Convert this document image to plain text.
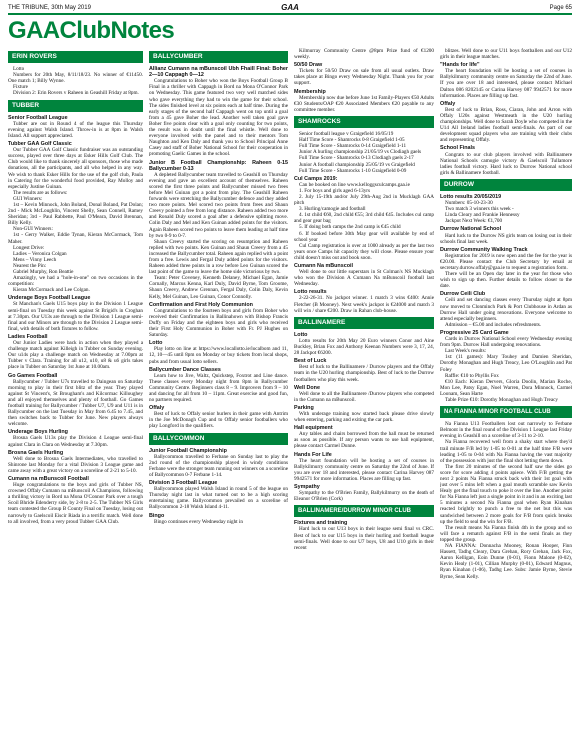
THE TRIBUNE, 30th May 2019	GAA	Page 65
GAAClubNotes
ERIN ROVERS

Lotto

Numbers for 20th May, 8/11/18/23. No winner of €11450. One match 1; Billy Wynne.

Fixture

Division 2: Erin Rovers v Raheen in Geashill Friday at 8pm.

TUBBER
Senior Football League

Tubber are out in Round 4 of the league this Thursday evening against Walsh Island. Throw-in is at 8pm in Walsh Island. All support appreciated.

Tubber GAA Golf Classic

Our Tubber GAA Golf Classic fundraiser was an outstanding success, played over three days at Esker Hills Golf Club. The Club would like to thank sincerely all sponsors, those who made donations, all the participants, and all who helped in any way. We wish to thank Esker Hills for the use of the golf club, Paula in Catering for the wonderful food provided, Ray Molloy and especially Justine Guinan.

The results are as follows:

GUI Winners:

1st – Kevin Minnock, John Boland, Donal Boland, Pat Dolan; 2nd - Mick McLoughlin, Vincent Shelly, Sean Connell, Ramey Sheridan; 3rd - Paul Rabbette, Paul O'Meara, David Brennan, Billy Kelly.

Non-GUI Winners:

1st - Gerry Walker, Eddie Tynan, Kieran McCormack, Tom Maher.

Longest Drive:

Ladies – Veronica Colgan

Mens – Vinny Leech

Nearest the Pin:

Gabriel Murphy, Ron Beattie

Amazingly, we had a "hole-in-one" on two occasions in the competition:

Kieran McCormack and Lee Colgan.

Underage Boys Football League

St Manchan's Gaels U15 boys play in the Division 1 League semi-final on Tuesday this week against St Brigid's in Croghan at 7.30pm. Our U13s are through to the Division 1 League semi-final and our Minors are through to the Division 2 League semi-final, with details of both fixtures to follow.

Ladies Football

Our Junior Ladies were back in action when they played a challenge match against Killeigh in Tubber on Sunday evening. Our u14s play a challenge match on Wednesday at 7.00pm at Tubber v Clara. Training for all u12, u10, u8 & u6 girls takes place in Tubber on Saturday 1st June at 10.00am.

Go Games Football

Ballycumber / Tubber U7s travelled to Daingean on Saturday morning to play in their first blitz of the year. They played against St Vincent's, St Brougham's and Kilcormac Killoughey and all enjoyed themselves and plenty of football. Go Games football training for Ballycumber / Tubber U7, U9 and U11 is in Ballycumber on the last Tuesday in May from 6.45 to 7.45, and then switches back to Tubber for June. New players always welcome.

Underage Boys Hurling

Brosna Gaels U13s play the Division 4 League semi-final against Clara in Clara on Wednesday at 7.30pm.

Brosna Gaels Hurling

Well done to Brosna Gaels Intermediates, who travelled to Shinrone last Monday for a vital Division 3 League game and came away with a great victory on a scoreline of 2-21 to 5-10.

Cumann na mBunscoil Football

Huge congratulations to the boys and girls of Tubber NS, crowned Offaly Cumann na mBunscoil A Champions, following a thrilling victory in Bord na Mona O'Connor Park over a tough Scoil Bhride Edenderry side, by 2-8 to 2-5. The Tubber NS Girls team contested the Group B County Final on Tuesday, losing out narrowly to Gaelscoil Eiscir Riada in a terrific match. Well done to all involved, from a very proud Tubber GAA Club.

BALLYCUMBER
Allianz Cumann na mBunscoil Ubh Fhaill Final: Boher 2—10 Cappagh 0—12

Congratulations to Boher who won the Boys Football Group B Final in a thriller with Cappagh in Bord na Mona O'Connor Park on Wednesday. This game featured two very well matched sides who gave everything they had to win the game for their school. The sides finished level at six points each at half time. During the early stages of the second half Cappagh went on top until a goal from a 45 gave Boher the lead. Another well taken goal gave Boher five points clear with a goal only counting for two points, the result was in doubt until the final whistle. Well done to everyone involved with the panel and to their mentors Tom Naughton and Ken Daly and thank you to School Principal Anne Casey and staff of Boher National School for their cooperation in promoting Gaelic Games in the school.

Junior B Football Championship: Raheen 0-15 Ballycumber 0-13

A depleted Ballycumber team travelled to Geashill on Thursday evening and gave an excellent account of themselves. Raheen scored the first three points and Ballycumber missed two frees before Mel Guinan got a point from play. The Geashill Raheen forwards were stretching the Ballycumber defence and they added two more points. Mel scored two points from frees and Shaun Creevy pointed a free from long distance. Raheen added two more and Ronald Duly scored a goal after a defensive splitting move. Colin Daly and Mel and Ken Guinan added points for the visitors. Again Raheen scored two points to leave them leading at half time by two 0-9 to 0-7.

Shaun Creevy started the scoring on resumption and Raheen replied with two points. Ken Guinan and Shaun Creevy from a 45 increased the Ballycumber total. Raheen again replied with a point from a free. Lewis and Fergal Duly added points for the visitors. Raheen added three points in a row before Leo Guinan scored the last point of the game to leave the home side victorious by two.

Team: Peter Coveney, Kenneth Delaney, Michael Egan, Jamie Cornally, Marcus Kenna, Karl Duly, David Byrne, Tom Groome, Shaun Creevy, Andrew Grennan, Fergal Daly, Colin Daly, Kevin Kelly, Mel Guinan, Leo Guinan, Conor Connolly.

Confirmation and First Holy Communion

Congratulations to the fourteen boys and girls from Boher who received their Confirmation in Ballinahown with Bishop Francis Duffy on Friday and the eighteen boys and girls who received their First Holy Communion in Boher with Fr. PJ Hughes on Saturday.

Lotto

Play lotto on line at https://www.locallotto.ie/localbom and 11, 12, 10—45 until 8pm on Monday or buy tickets from local shops, pubs and from usual lotto sellers.

Ballycumber Dance Classes

Learn how to Jive, Waltz, Quickstep, Foxtrot and Line dance. These classes every Monday night from 8pm in Ballycumber Community Centre. Beginners class 8 – 9. Improvers from 9 – 10 and dancing for all from 10 – 11pm. Great exercise and good fun, no partners required.

Offaly

Best of luck to Offaly senior hurlers in their game with Antrim in the Joe McDonagh Cup and to Offaly senior footballers who play Longford in the qualifiers.

BALLYCOMMON
Junior Football Championship

Ballycommon travelled to Ferbane on Sunday last to play the 2nd round of the championship played in windy conditions Ferbane were the stronger team running out winners on a scoreline of Ballycommon 0-7 Ferbane 1-14.

Division 3 Football League

Ballycommon played Walsh Island in round 5 of the league on Thursday night last in what turned out to be a high scoring entertaining game. Ballycommon prevailed on a scoreline of Ballycommon 2-18 Walsh Island 4-11.

Bingo

Bingo continues every Wednesday night in

Kilmurray Community Centre @8pm Prize fund of €1200 weekly.

50/50 Draw

Tickets for 50/50 Draw on sale from all usual outlets. Draw takes place at Bingo every Wednesday Night. Thank you for your support.

Membership

Membership now due before June 1st Family-Players €50 Adults €30 Students/OAP €20 Associated Members €20 payable to any committee member.

SHAMROCKS

Senior football league v Graigefield 16/05/19

Half Time Score - Shamrocks 0-8 Graigefield 1-05

Full Time Score - Shamrocks 0-14 Graigefield 1-11

Junior A hurling championship 21/05/19 vs Clodiagh gaels

Full Time Score - Shamrocks 0-13 Clodiagh gaels 2-17

Junior A football championship 25/05/19 vs Graigefield

Full Time Score - Shamrocks 1-10 Graigefield 0-09

Cul Camps 2019:

Can be booked on line www.kelloggsculcamps.gaa.ie

1. For boys and girls aged 6-13yrs

2. July 15-19th and/or July 29th-Aug 2nd in Mucklagh GAA pitch

3. Hurling/camogie and football

4. 1st child €60, 2nd child €55; 3rd child €45. Includes cul camp and gear gear bag

5. If doing both camps the 2nd camp is €45 child

6. If booked before 30th May gear will available by end of school year

Cul Camp registration is over at 1000 already as per the last two years once Camps hit capacity they will close. Please ensure your child doesn't miss out and book soon.

Cumann Na mBunscoil

Well done to our little superstars in St Colman's NS Mucklagh who won the Division A Cumann Na mBunscoil football last Wednesday.

Lotto results

2-22-26-31. No jackpot winner. 1 match 3 wins €400: Annie Fletcher (B Mooney). Next week's jackpot is €24000 and match 3 will win / share €200. Draw in Rahan club-house.

BALLINAMERE
Lotto

Lotto results for 20th May 20 Euro winners Conor and Aine Buckley, Brian Fox and Anthony Keenan Numbers were 3, 17, 24, 28 Jackpot €6200.

Best of Luck

Best of luck to the Ballinamere / Durrow players and the Offaly team in the U20 hurling championship. Best of luck to the Durrow footballers who play this week.

Well Done

Well done to all the Ballinamere /Durrow players who competed in the Cumann na mBunscoil.

Parking

With underage training now started back please drive slowly when entering, parking and exiting the car park.

Hall equipment

Any tables and chairs borrowed from the hall must be returned as soon as possible. If any person wants to use hall equipment, please contact Carmel Dunne.

Hands For Life

The heart foundation will be hosting a set of courses in Ballykilmurry community centre on Saturday the 22nd of June. If you are over 18 and interested, please contact Carina Harvey 087 9942571 for more information. Places are filling up fast.

Sympathy

Sympathy to the O'Brien Family, Ballykilmurry on the death of Eleanor O'Brien (Cork)

BALLINAMERE/DURROW MINOR CLUB
Fixtures and training

Hard luck to our U13 boys in their league semi final vs CRC. Best of luck to our U15 boys in their hurling and football league semi-finals. Well done to our U7 boys, U8 and U10 girls in their recent

blitzes. Well done to our U11 boys footballers and our U12 girls in their league matches.

"Hands for life"

The heart foundation will be hosting a set of courses in Ballykilmurry community centre on Saturday the 22nd of June. If you are over 18 and interested, please contact Michael Dalton 086 8202145 or Carina Harvey 087 9942571 for more information. Places are filling up fast.

Offaly

Best of luck to Brian, Ross, Ciaran, John and Arron with Offaly U20s against Westmeath in the U20 hurling championships. Well done to Sarah Doyle who competed in the U14 All Ireland ladies football semi-finals. As part of our development squad players who are training with their clubs and representing Offaly.

School Finals

Congrats to our club players involved with Ballinamere National Schools camogie victory & Gaelscoil Tullamore ladies football victory. Hard luck to Durrow National school girls & Ballinamere football.

DURROW
Lotto results 20/05/2019

Numbers: 05-10-23-30

Two match 3 winners this week -

Linda Cleary and Frankie Hennessy

Jackpot Next Week: €1,700

Durrow National School

Hard luck to the Durrow NS girls team on losing out in their schools final last week.

Durrow Community Walking Track

Registration for 2019 is now open and the fee for the year is €20.00. Please contact the Club Secretary by email at secretary.durrow.offaly@gaa.ie to request a registration form.

There will be an Open day later in the year for those who wish to sign up then. Further details to follow closer to the date.

Durrow Ceili Club

Ceili and set dancing classes every Thursday night at 8pm now moved to Clonminch Park & Port Clubhouse in Ardan as Durrow Hall under going renovations. Everyone welcome to attend especially beginners.

Admission – €5.00 and includes refreshments.

Progressive 25 Card Game

Cards in Durrow National School every Wednesday evening from 9pm. Durrow Hall undergoing renovations.

Last Week's results:

1st: (11 games): Mary Touhey and Damien Sheridan, Dorothy Monaghan and Hugh Treacy, Leo O'Loughlin and Pat Foley

Raffle: €10 to Phyllis Fox

€10 Each: Kieran Dervers, Gloria Doolin, Marian Roche, Mon Lee, Patsy Egan, Noel Warren, Dora Minnock, Carmel Loonam, Sean Harte

Table Prize €10: Dorothy Monaghan and Hugh Treacy

NA FIANNA MINOR FOOTBALL CLUB

Na Fianna U13 Footballers lost out narrowly to Ferbane Belmont in the final round of the Division 1 League last Friday evening in Geashill on a scoreline of 3-11 to 2-10.

Na Fianna recovered well from a shaky start where they'd trail minute F/B led by 1-05 to 0-01 at the half time F/B were leading 1-05 to 0-04 with Na Fianna having the vast majority of the possession with just the final shot letting them down.

The first 20 minutes of the second half saw the sides go score for score adding 4 points apiece. With F/B getting the next 2 points Na Fianna struck back with their 1st goal with just over 5 mins left when a goal mouth scramble saw Kevin Healy get the final touch to poke it over the line. Another point for Na Fianna left just a single point in it and in an exciting last 5 minutes a second Na Fianna goal when Ryan Kinahan reacted brightly to punch a free to the net but this was sandwiched between 2 more goals for F/B from quick breaks up the field to seal the win for F/B.

The result means Na Fianna finish 4th in the group and so will face a rematch against F/B in the semi finals as they topped the group.

NA FIANNA: Donnacha Mooney, Ronan Hooper, Finn Hassett, Tadhg Cleary, Dara Grehan, Rory Grehan, Jack Fox, Aaron Kelligan, Eoin Dunne (0-01), Fionn Malone (0-02), Kevin Healy (1-01), Cillian Murphy (0-01), Edward Magnus, Ryan Kinahan (1-06), Tadhg Lee. Subs: Jamie Byrne, Stevie Byrne, Sean Kelly.
